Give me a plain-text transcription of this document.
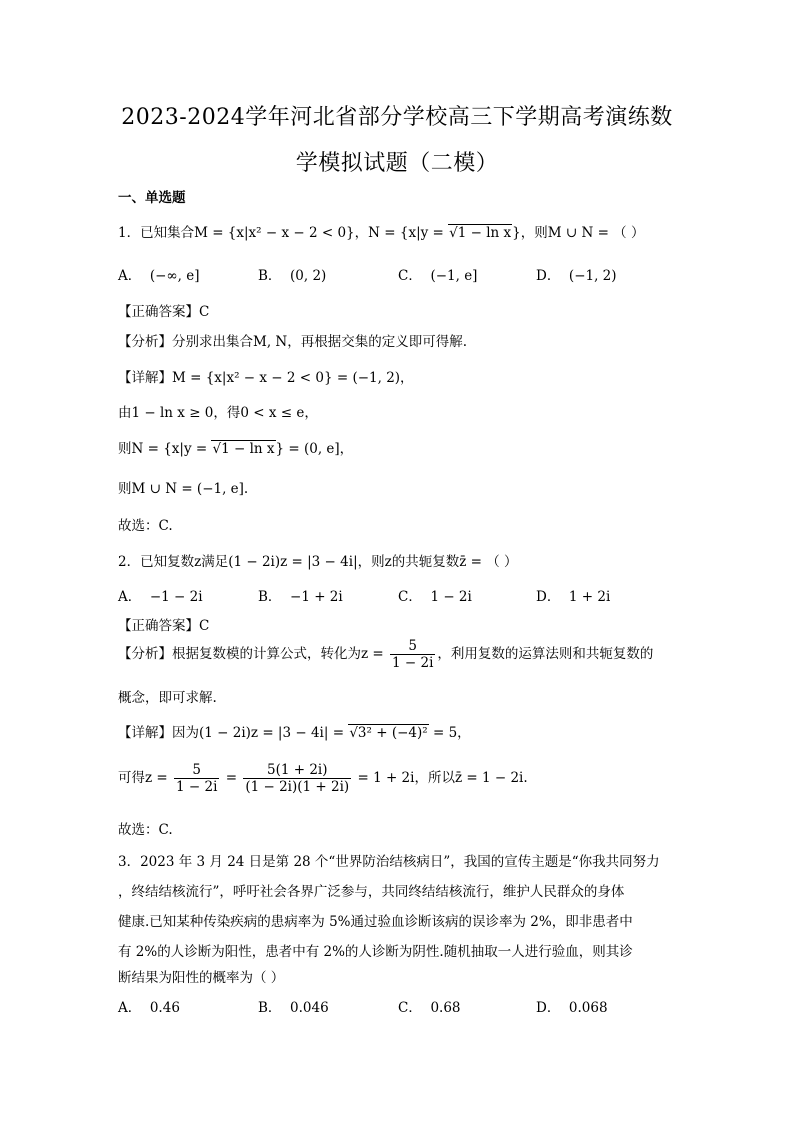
2023-2024学年河北省部分学校高三下学期高考演练数
学模拟试题（二模）
一、单选题
1．已知集合M = {x|x² − x − 2 < 0}，N = {x|y = √1 − ln x}，则M ∪ N = （ ）
A． (−∞, e]	B． (0, 2)	C． (−1, e]	D． (−1, 2)
【正确答案】C
【分析】分别求出集合M, N，再根据交集的定义即可得解.
【详解】M = {x|x² − x − 2 < 0} = (−1, 2)，
由1 − ln x ≥ 0，得0 < x ≤ e，
则N = {x|y = √1 − ln x} = (0, e]，
则M ∪ N = (−1, e].
故选：C.
2．已知复数z满足(1 − 2i)z = |3 − 4i|，则z的共轭复数z̄ = （ ）
A． −1 − 2i	B． −1 + 2i	C． 1 − 2i	D． 1 + 2i
【正确答案】C
【分析】根据复数模的计算公式，转化为$z = \frac{5}{1 - 2i}$ ，利用复数的运算法则和共轭复数的
概念，即可求解.
【详解】因为(1 − 2i)z = |3 − 4i| = √3² + (−4)² = 5，
可得$z = \frac{5}{1 - 2i} = \frac{5(1 + 2i)}{(1 - 2i)(1 + 2i)} = 1 + 2i$，所以z̄ = 1 − 2i.
故选：C.
3．2023 年 3 月 24 日是第 28 个“世界防治结核病日”，我国的宣传主题是“你我共同努力
，终结结核流行”，呼吁社会各界广泛参与，共同终结结核流行，维护人民群众的身体
健康.已知某种传染疾病的患病率为 5%通过验血诊断该病的误诊率为 2%，即非患者中
有 2%的人诊断为阳性，患者中有 2%的人诊断为阴性.随机抽取一人进行验血，则其诊
断结果为阳性的概率为（ ）
A． 0.46	B． 0.046	C． 0.68	D． 0.068
